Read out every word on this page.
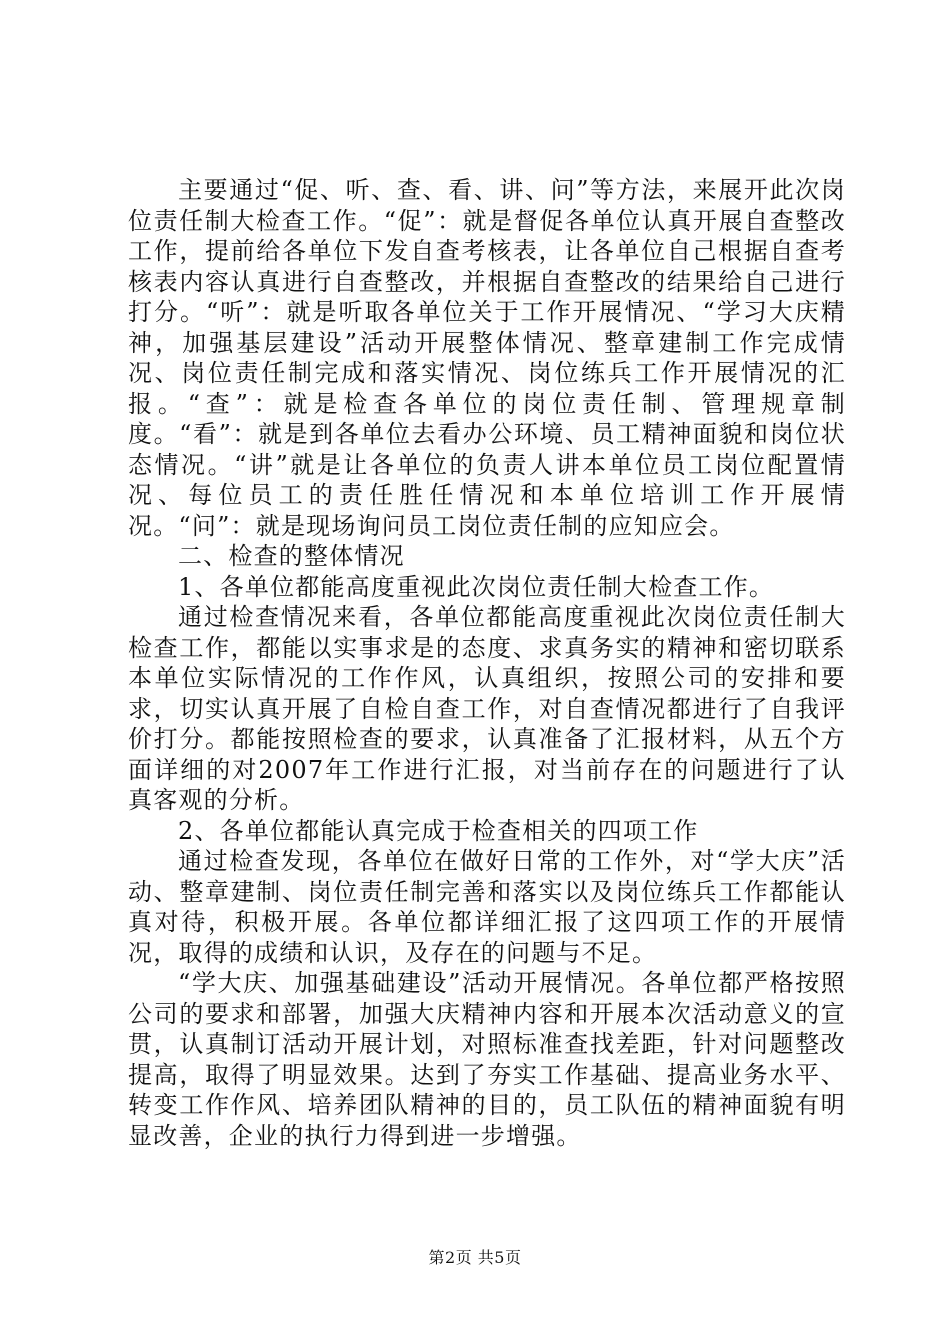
主要通过“促、听、查、看、讲、问”等方法，来展开此次岗位责任制大检查工作。“促”：就是督促各单位认真开展自查整改工作，提前给各单位下发自查考核表，让各单位自己根据自查考核表内容认真进行自查整改，并根据自查整改的结果给自己进行打分。“听”：就是听取各单位关于工作开展情况、“学习大庆精神，加强基层建设”活动开展整体情况、整章建制工作完成情况、岗位责任制完成和落实情况、岗位练兵工作开展情况的汇报。“查”：就是检查各单位的岗位责任制、管理规章制度。“看”：就是到各单位去看办公环境、员工精神面貌和岗位状态情况。“讲”就是让各单位的负责人讲本单位员工岗位配置情况、每位员工的责任胜任情况和本单位培训工作开展情况。“问”：就是现场询问员工岗位责任制的应知应会。

二、检查的整体情况

1、各单位都能高度重视此次岗位责任制大检查工作。

通过检查情况来看，各单位都能高度重视此次岗位责任制大检查工作，都能以实事求是的态度、求真务实的精神和密切联系本单位实际情况的工作作风，认真组织，按照公司的安排和要求，切实认真开展了自检自查工作，对自查情况都进行了自我评价打分。都能按照检查的要求，认真准备了汇报材料，从五个方面详细的对2007年工作进行汇报，对当前存在的问题进行了认真客观的分析。

2、各单位都能认真完成于检查相关的四项工作

通过检查发现，各单位在做好日常的工作外，对“学大庆”活动、整章建制、岗位责任制完善和落实以及岗位练兵工作都能认真对待，积极开展。各单位都详细汇报了这四项工作的开展情况，取得的成绩和认识，及存在的问题与不足。

“学大庆、加强基础建设”活动开展情况。各单位都严格按照公司的要求和部署，加强大庆精神内容和开展本次活动意义的宣贯，认真制订活动开展计划，对照标准查找差距，针对问题整改提高，取得了明显效果。达到了夯实工作基础、提高业务水平、转变工作作风、培养团队精神的目的，员工队伍的精神面貌有明显改善，企业的执行力得到进一步增强。

第2页 共5页
